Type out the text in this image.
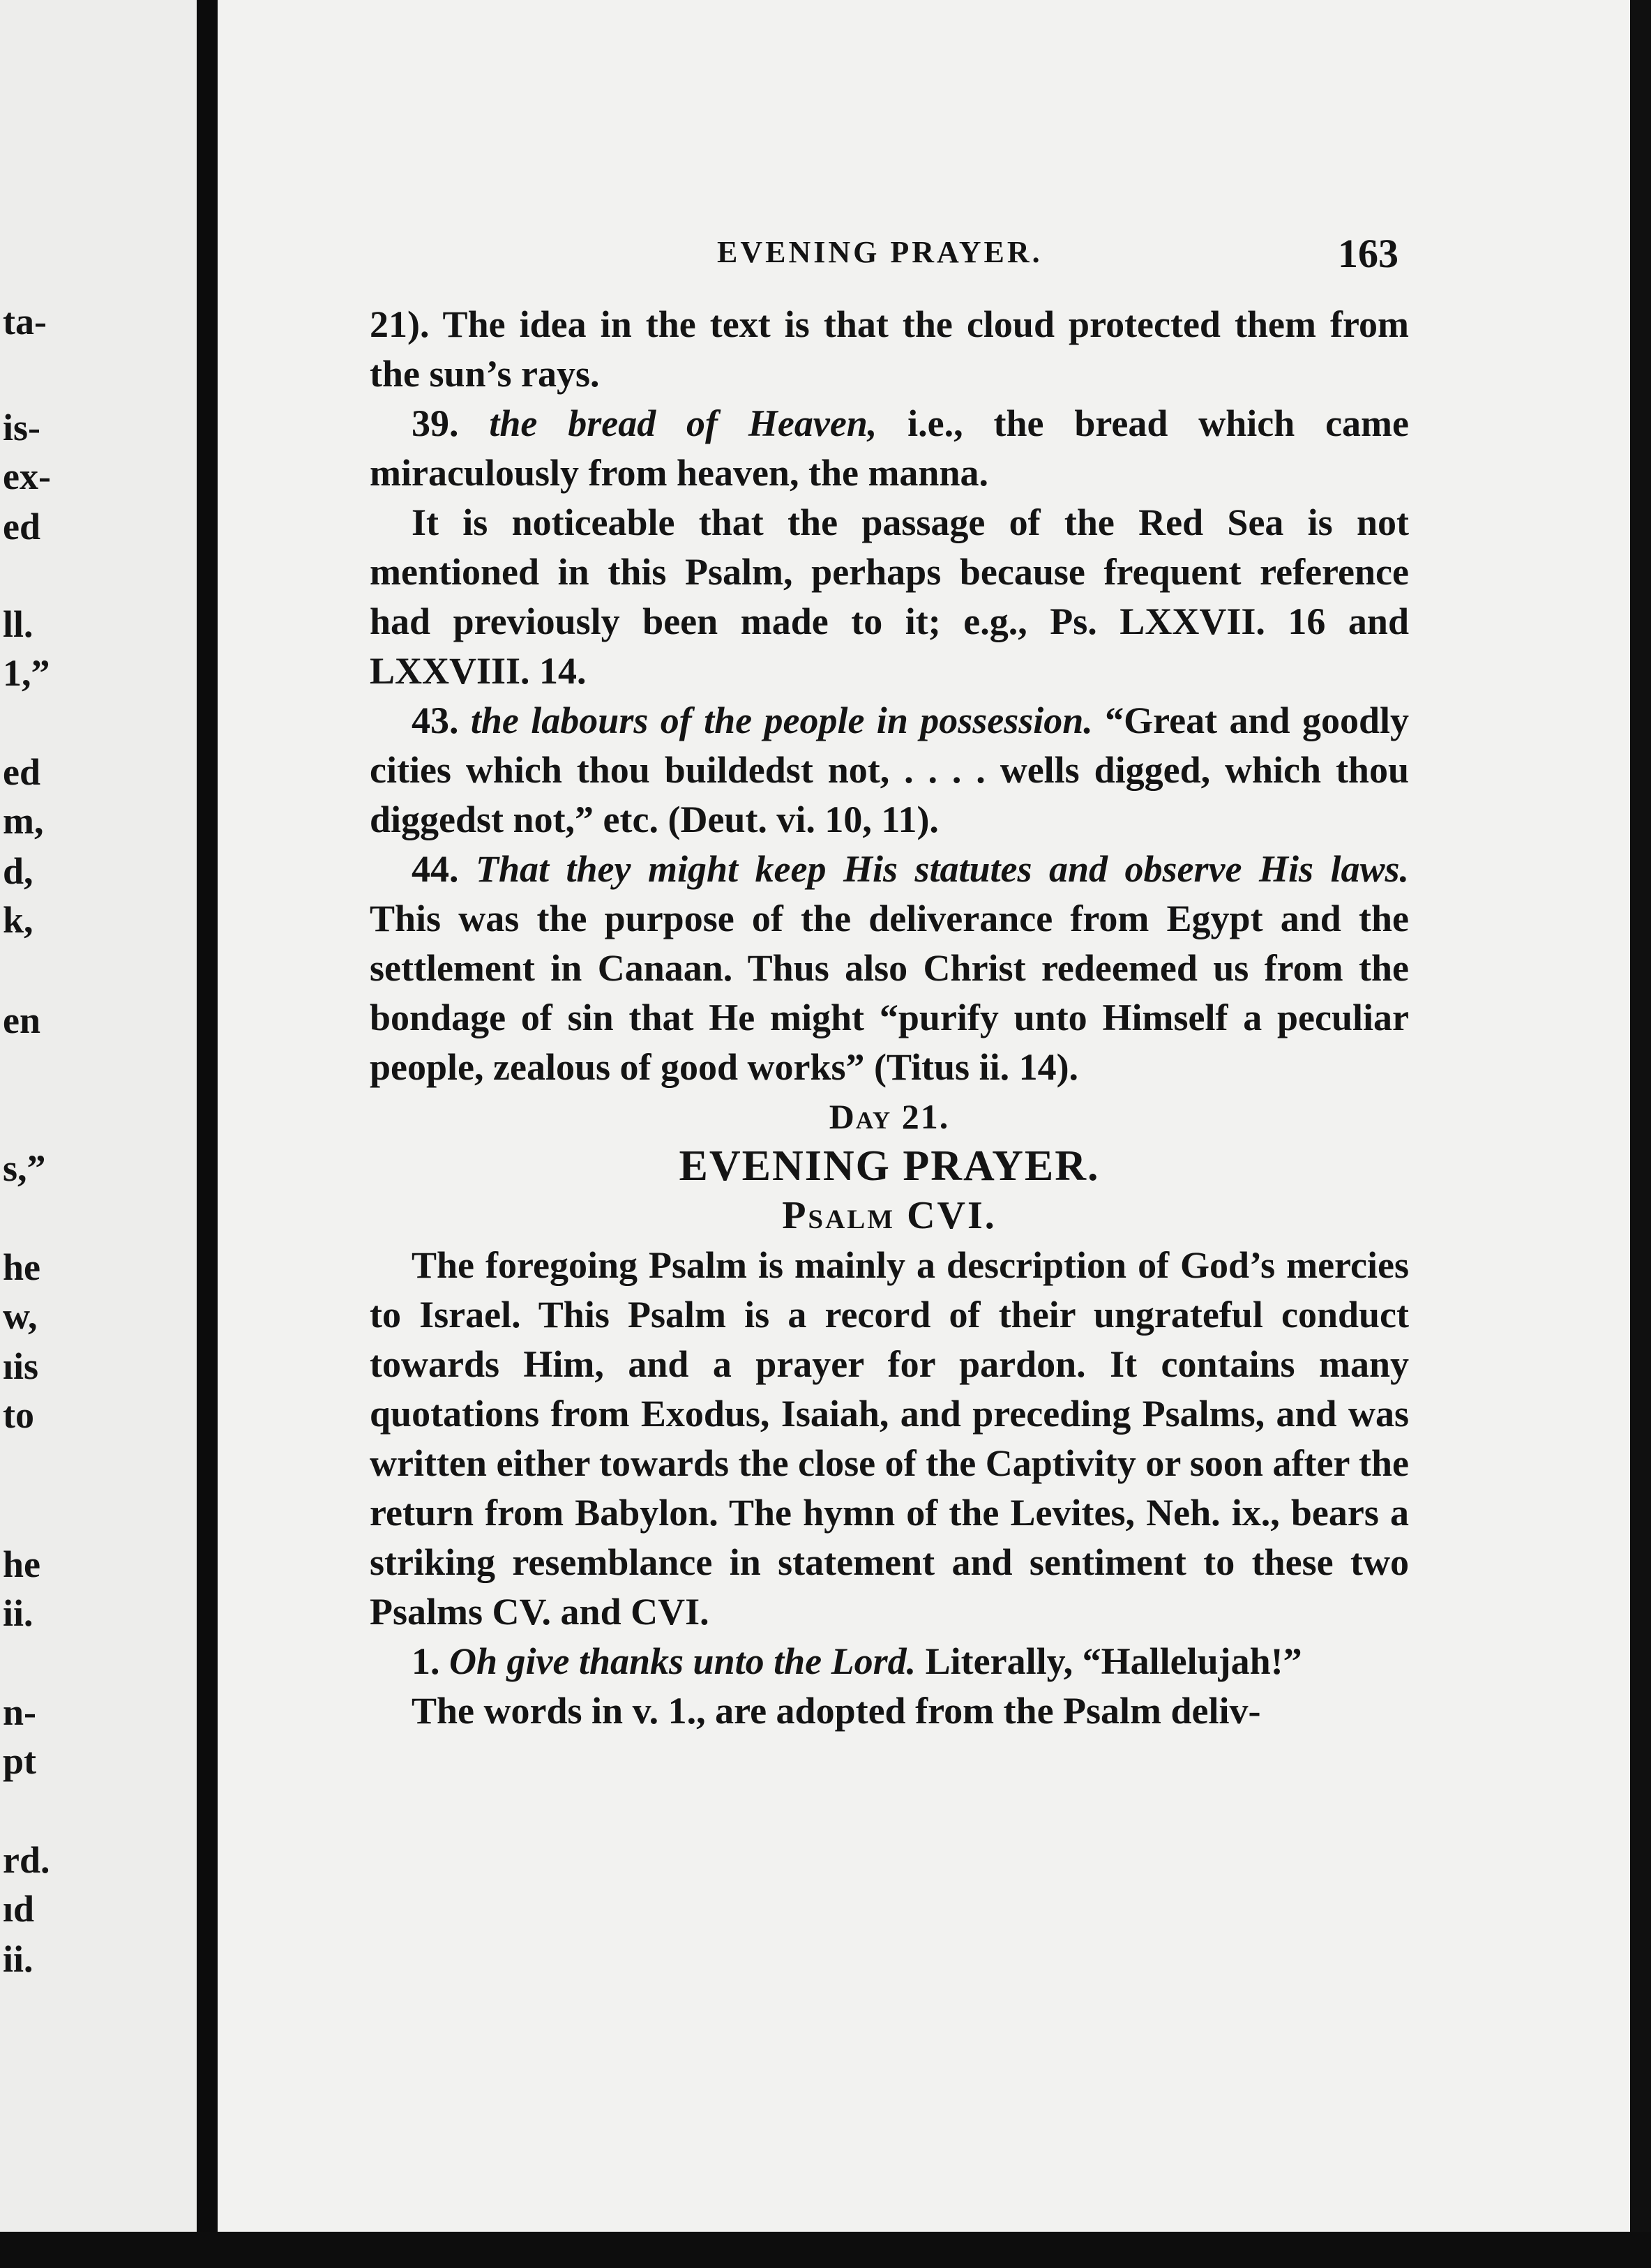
ta-
is-
ex-
ed
ll.
1,”
ed
m,
d,
k,
en
s,”
he
w,
ıis
to
he
ii.
n-
pt
rd.
ıd
ii.
EVENING PRAYER.	163

21). The idea in the text is that the cloud protected them from the sun’s rays.

39. the bread of Heaven, i.e., the bread which came miraculously from heaven, the manna.

It is noticeable that the passage of the Red Sea is not mentioned in this Psalm, perhaps because frequent reference had previously been made to it; e.g., Ps. LXXVII. 16 and LXXVIII. 14.

43. the labours of the people in possession. “Great and goodly cities which thou buildedst not, . . . . wells digged, which thou diggedst not,” etc. (Deut. vi. 10, 11).

44. That they might keep His statutes and observe His laws. This was the purpose of the deliverance from Egypt and the settlement in Canaan. Thus also Christ redeemed us from the bondage of sin that He might “purify unto Himself a peculiar people, zealous of good works” (Titus ii. 14).

Day 21.

EVENING PRAYER.

Psalm CVI.

The foregoing Psalm is mainly a description of God’s mercies to Israel. This Psalm is a record of their ungrateful conduct towards Him, and a prayer for pardon. It contains many quotations from Exodus, Isaiah, and preceding Psalms, and was written either towards the close of the Captivity or soon after the return from Babylon. The hymn of the Levites, Neh. ix., bears a striking resemblance in statement and sentiment to these two Psalms CV. and CVI.

1. Oh give thanks unto the Lord. Literally, “Hallelujah!”

The words in v. 1., are adopted from the Psalm deliv-
